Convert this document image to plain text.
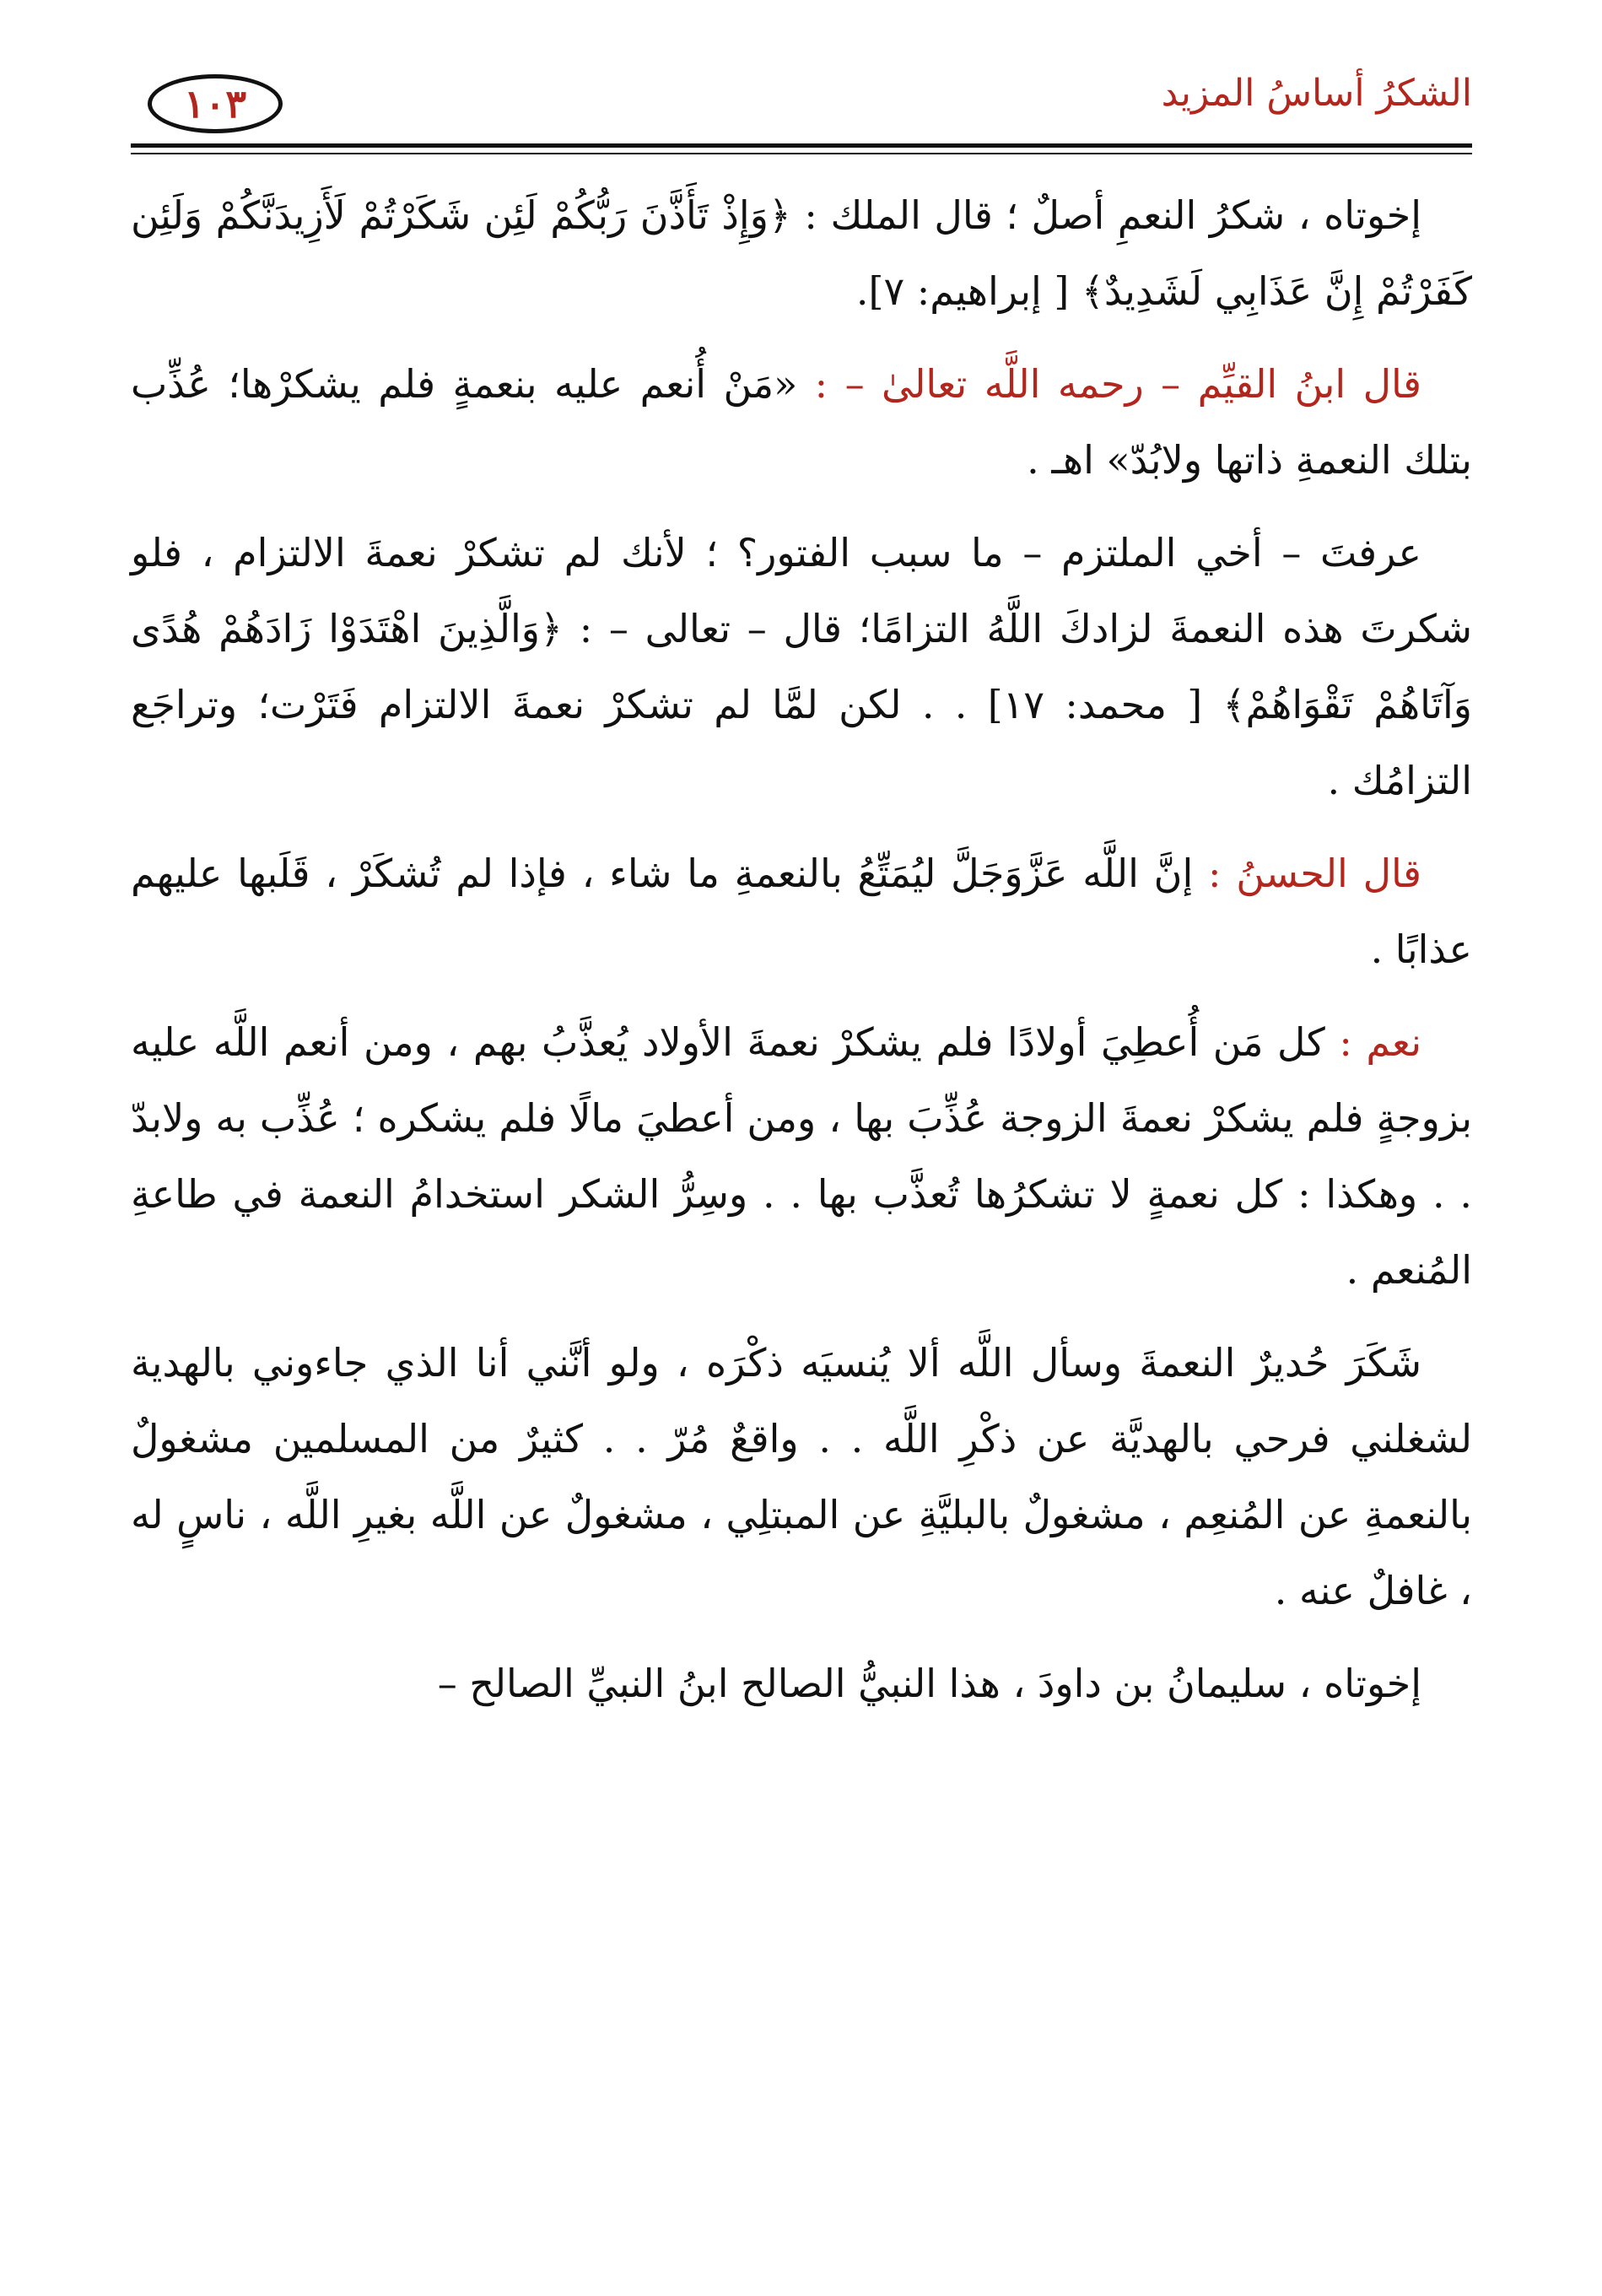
الشكرُ أساسُ المزيد
١٠٣

إخوتاه ، شكرُ النعمِ أصلٌ ؛ قال الملك : ﴿وَإِذْ تَأَذَّنَ رَبُّكُمْ لَئِن شَكَرْتُمْ لَأَزِيدَنَّكُمْ وَلَئِن كَفَرْتُمْ إِنَّ عَذَابِي لَشَدِيدٌ﴾ [ إبراهيم: ٧].

قال ابنُ القيِّم – رحمه اللَّه تعالىٰ – : «مَنْ أُنعم عليه بنعمةٍ فلم يشكرْها؛ عُذِّب بتلك النعمةِ ذاتها ولابُدّ» اهـ .

عرفتَ – أخي الملتزم – ما سبب الفتور؟ ؛ لأنك لم تشكرْ نعمةَ الالتزام ، فلو شكرتَ هذه النعمةَ لزادكَ اللَّهُ التزامًا؛ قال – تعالى – : ﴿وَالَّذِينَ اهْتَدَوْا زَادَهُمْ هُدًى وَآتَاهُمْ تَقْوَاهُمْ﴾ [ محمد: ١٧] . . لكن لمَّا لم تشكرْ نعمةَ الالتزام فَتَرْت؛ وتراجَع التزامُك .

قال الحسنُ : إنَّ اللَّه عَزَّوَجَلَّ ليُمَتِّعُ بالنعمةِ ما شاء ، فإذا لم تُشكَرْ ، قَلَبها عليهم عذابًا .

نعم : كل مَن أُعطِيَ أولادًا فلم يشكرْ نعمةَ الأولاد يُعذَّبُ بهم ، ومن أنعم اللَّه عليه بزوجةٍ فلم يشكرْ نعمةَ الزوجة عُذِّبَ بها ، ومن أعطيَ مالًا فلم يشكره ؛ عُذِّب به ولابدّ . . وهكذا : كل نعمةٍ لا تشكرُها تُعذَّب بها . . وسِرُّ الشكر استخدامُ النعمة في طاعةِ المُنعم .

شَكَرَ حُديرٌ النعمةَ وسأل اللَّه ألا يُنسيَه ذكْرَه ، ولو أنَّني أنا الذي جاءوني بالهدية لشغلني فرحي بالهديَّة عن ذكْرِ اللَّه . . واقعٌ مُرّ . . كثيرٌ من المسلمين مشغولٌ بالنعمةِ عن المُنعِم ، مشغولٌ بالبليَّةِ عن المبتلِي ، مشغولٌ عن اللَّه بغيرِ اللَّه ، ناسٍ له ، غافلٌ عنه .

إخوتاه ، سليمانُ بن داودَ ، هذا النبيُّ الصالح ابنُ النبيِّ الصالح –
